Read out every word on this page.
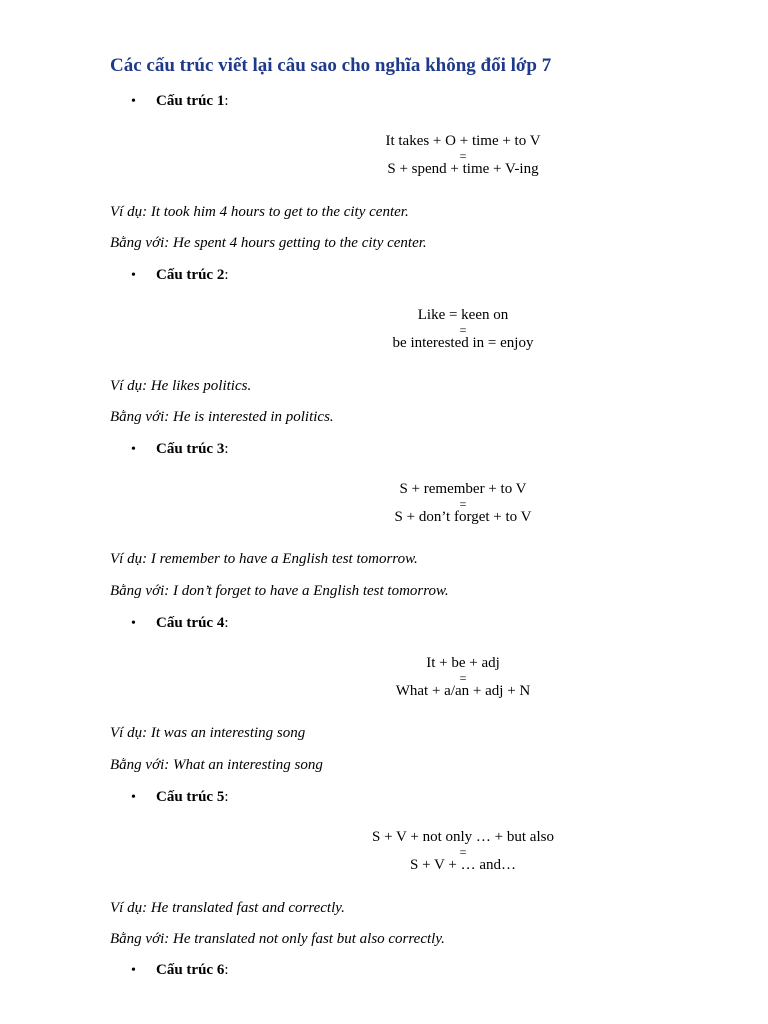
Các cấu trúc viết lại câu sao cho nghĩa không đổi lớp 7
• Cấu trúc 1:
It takes + O + time + to V
=
S + spend + time + V-ing
Ví dụ: It took him 4 hours to get to the city center.
Bằng với: He spent 4 hours getting to the city center.
• Cấu trúc 2:
Like = keen on
=
be interested in = enjoy
Ví dụ: He likes politics.
Bằng với: He is interested in politics.
• Cấu trúc 3:
S + remember + to V
=
S + don’t forget + to V
Ví dụ: I remember to have a English test tomorrow.
Bằng với: I don’t forget to have a English test tomorrow.
• Cấu trúc 4:
It + be + adj
=
What + a/an + adj + N
Ví dụ: It was an interesting song
Bằng với: What an interesting song
• Cấu trúc 5:
S + V + not only … + but also
=
S + V + … and…
Ví dụ: He translated fast and correctly.
Bằng với: He translated not only fast but also correctly.
• Cấu trúc 6:
